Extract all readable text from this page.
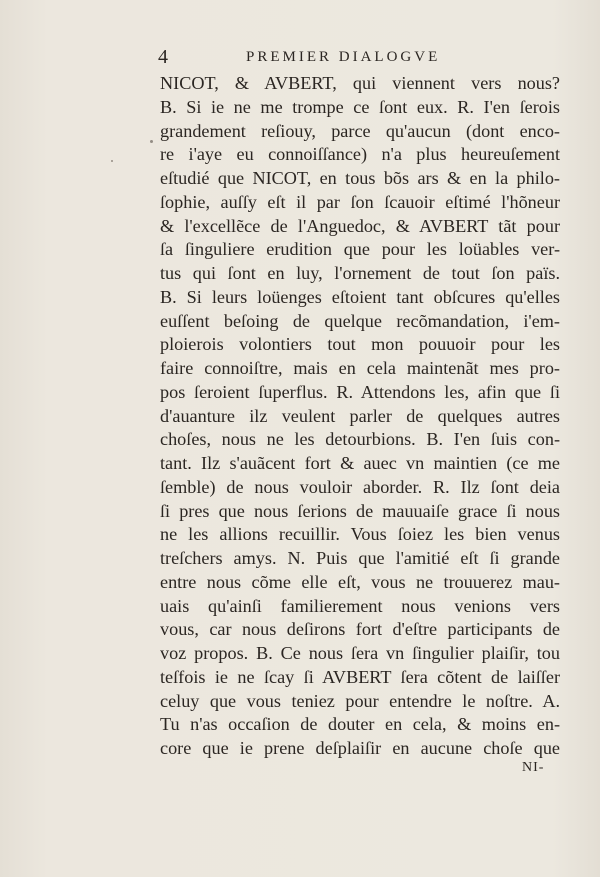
4	PREMIER DIALOGVE
NICOT, & AVBERT, qui viennent vers nous?
B. Si ie ne me trompe ce ſont eux. R. I'en ſerois
grandement reſiouy, parce qu'aucun (dont enco-
re i'aye eu connoiſſance) n'a plus heureuſement
eſtudié que NICOT, en tous bõs ars & en la philo-
ſophie, auſſy eſt il par ſon ſcauoir eſtimé l'hõneur
& l'excellẽce de l'Anguedoc, & AVBERT tãt pour
ſa ſinguliere erudition que pour les loüables ver-
tus qui ſont en luy, l'ornement de tout ſon païs.
B. Si leurs loüenges eſtoient tant obſcures qu'elles
euſſent beſoing de quelque recõmandation, i'em-
ploierois volontiers tout mon pouuoir pour les
faire connoiſtre, mais en cela maintenãt mes pro-
pos ſeroient ſuperflus. R. Attendons les, afin que ſi
d'auanture ilz veulent parler de quelques autres
choſes, nous ne les detourbions. B. I'en ſuis con-
tant. Ilz s'auãcent fort & auec vn maintien (ce me
ſemble) de nous vouloir aborder. R. Ilz ſont deia
ſi pres que nous ſerions de mauuaiſe grace ſi nous
ne les allions recuillir. Vous ſoiez les bien venus
treſchers amys. N. Puis que l'amitié eſt ſi grande
entre nous cõme elle eſt, vous ne trouuerez mau-
uais qu'ainſi familierement nous venions vers
vous, car nous deſirons fort d'eſtre participants de
voz propos. B. Ce nous ſera vn ſingulier plaiſir, tou
teſfois ie ne ſcay ſi AVBERT ſera cõtent de laiſſer
celuy que vous teniez pour entendre le noſtre. A.
Tu n'as occaſion de douter en cela, & moins en-
core que ie prene deſplaiſir en aucune choſe que
NI-
